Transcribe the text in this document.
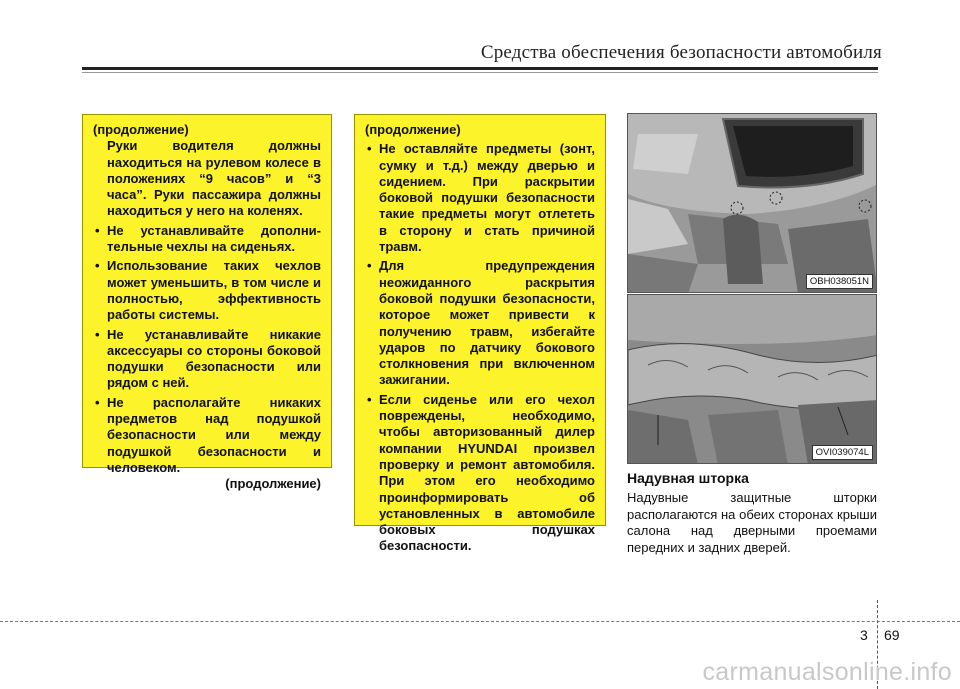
Средства обеспечения безопасности автомобиля

(продолжение)

Руки водителя должны находиться на рулевом колесе в положениях “9 часов” и “3 часа”. Руки пассажира должны находиться у него на коленях.

• Не устанавливайте дополни-тельные чехлы на сиденьях.
• Использование таких чехлов может уменьшить, в том числе и полностью, эффективность работы системы.
• Не устанавливайте никакие аксессуары со стороны боковой подушки безопасности или рядом с ней.
• Не располагайте никаких предметов над подушкой безопасности или между подушкой безопасности и человеком.

(продолжение)

(продолжение)

• Не оставляйте предметы (зонт, сумку и т.д.) между дверью и сидением. При раскрытии боковой подушки безопасности такие предметы могут отлететь в сторону и стать причиной травм.
• Для предупреждения неожиданного раскрытия боковой подушки безопасности, которое может привести к получению травм, избегайте ударов по датчику бокового столкновения при включенном зажигании.
• Если сиденье или его чехол повреждены, необходимо, чтобы авторизованный дилер компании HYUNDAI произвел проверку и ремонт автомобиля. При этом его необходимо проинформировать об установленных в автомобиле боковых подушках безопасности.
OBH038051N
OVI039074L
Надувная шторка
Надувные защитные шторки располагаются на обеих сторонах крыши салона над дверными проемами передних и задних дверей.
3 69
carmanualsonline.info
